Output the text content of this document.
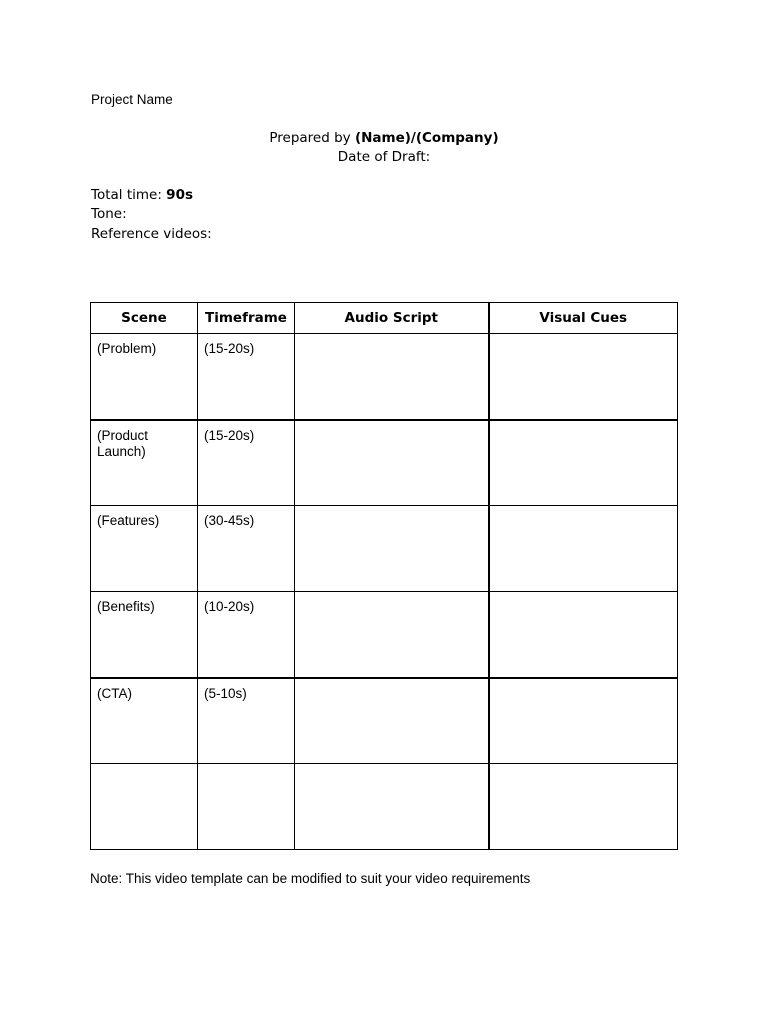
Project Name
Prepared by (Name)/(Company)
Date of Draft:
Total time: 90s
Tone:
Reference videos:
Scene	Timeframe	Audio Script	Visual Cues
(Problem)	(15-20s)		
(Product Launch)	(15-20s)		
(Features)	(30-45s)		
(Benefits)	(10-20s)		
(CTA)	(5-10s)		

Note: This video template can be modified to suit your video requirements
